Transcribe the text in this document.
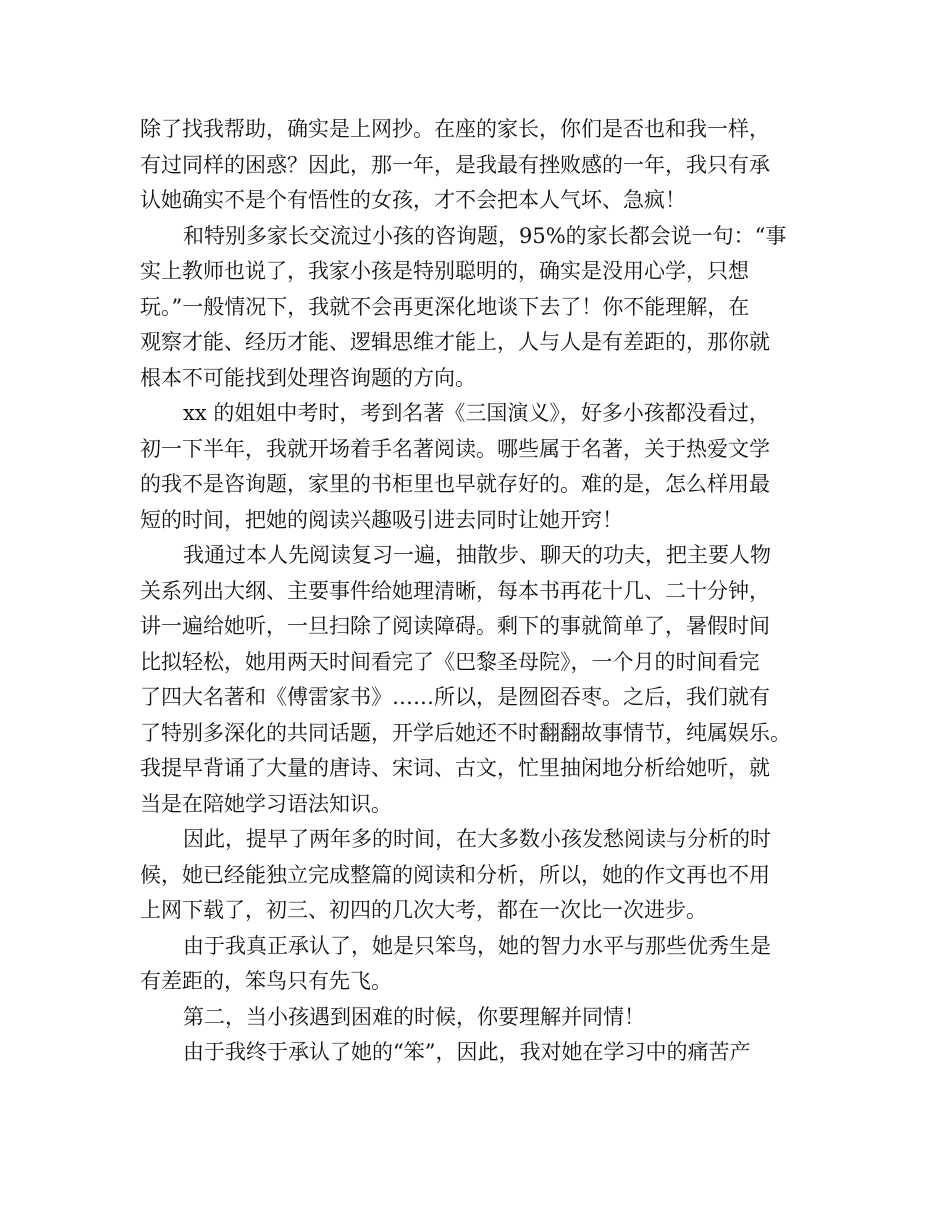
除了找我帮助，确实是上网抄。在座的家长，你们是否也和我一样，
有过同样的困惑？因此，那一年，是我最有挫败感的一年，我只有承
认她确实不是个有悟性的女孩，才不会把本人气坏、急疯！
和特别多家长交流过小孩的咨询题，95%的家长都会说一句：“事
实上教师也说了，我家小孩是特别聪明的，确实是没用心学，只想
玩。”一般情况下，我就不会再更深化地谈下去了！你不能理解，在
观察才能、经历才能、逻辑思维才能上，人与人是有差距的，那你就
根本不可能找到处理咨询题的方向。
xx 的姐姐中考时，考到名著《三国演义》，好多小孩都没看过，
初一下半年，我就开场着手名著阅读。哪些属于名著，关于热爱文学
的我不是咨询题，家里的书柜里也早就存好的。难的是，怎么样用最
短的时间，把她的阅读兴趣吸引进去同时让她开窍！
我通过本人先阅读复习一遍，抽散步、聊天的功夫，把主要人物
关系列出大纲、主要事件给她理清晰，每本书再花十几、二十分钟，
讲一遍给她听，一旦扫除了阅读障碍。剩下的事就简单了，暑假时间
比拟轻松，她用两天时间看完了《巴黎圣母院》，一个月的时间看完
了四大名著和《傅雷家书》……所以，是囫囵吞枣。之后，我们就有
了特别多深化的共同话题，开学后她还不时翻翻故事情节，纯属娱乐。
我提早背诵了大量的唐诗、宋词、古文，忙里抽闲地分析给她听，就
当是在陪她学习语法知识。
因此，提早了两年多的时间，在大多数小孩发愁阅读与分析的时
候，她已经能独立完成整篇的阅读和分析，所以，她的作文再也不用
上网下载了，初三、初四的几次大考，都在一次比一次进步。
由于我真正承认了，她是只笨鸟，她的智力水平与那些优秀生是
有差距的，笨鸟只有先飞。
第二，当小孩遇到困难的时候，你要理解并同情！
由于我终于承认了她的“笨”，因此，我对她在学习中的痛苦产
